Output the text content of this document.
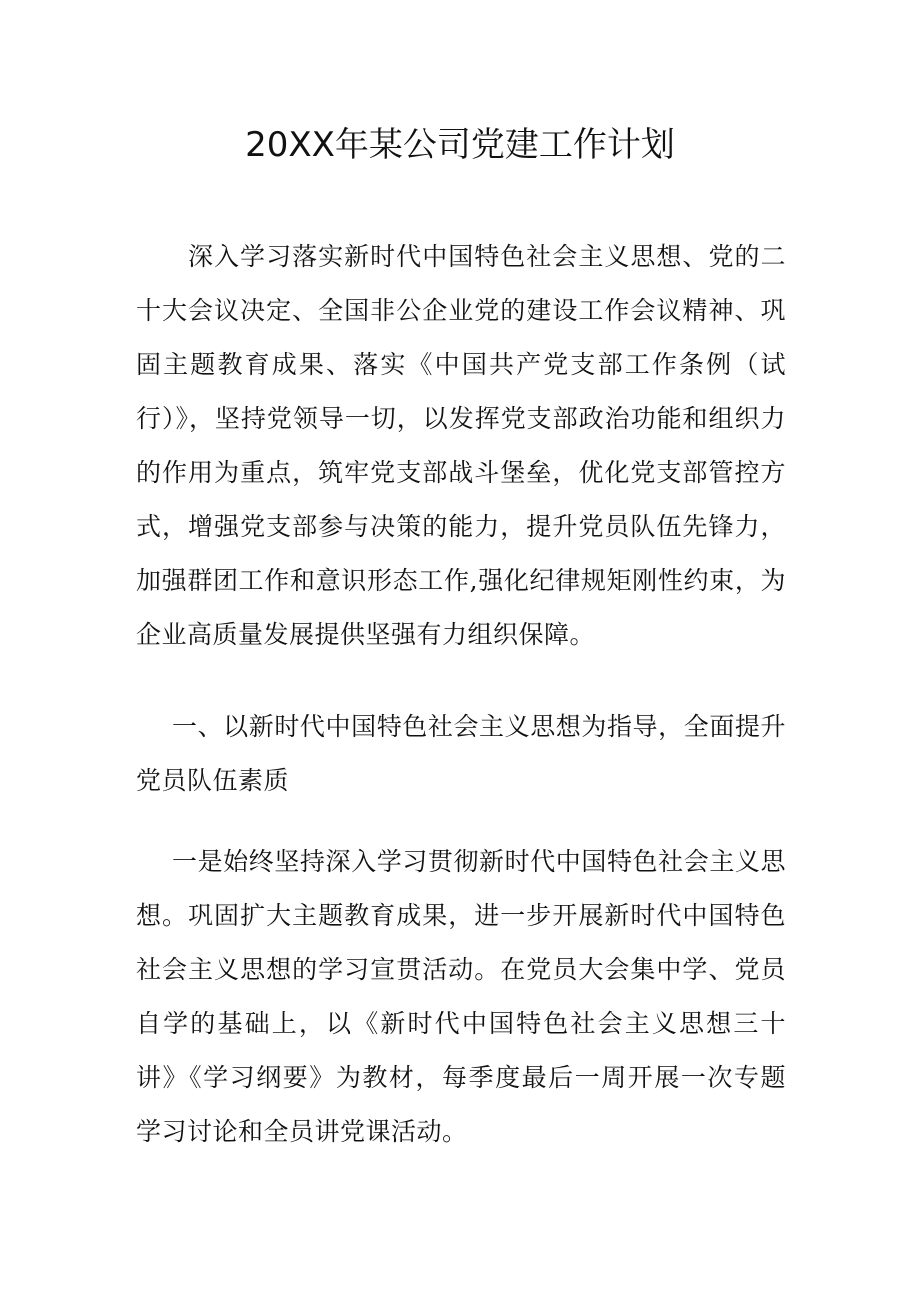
20XX年某公司党建工作计划

深入学习落实新时代中国特色社会主义思想、党的二十大会议决定、全国非公企业党的建设工作会议精神、巩固主题教育成果、落实《中国共产党支部工作条例（试行）》，坚持党领导一切，以发挥党支部政治功能和组织力的作用为重点，筑牢党支部战斗堡垒，优化党支部管控方式，增强党支部参与决策的能力，提升党员队伍先锋力，加强群团工作和意识形态工作,强化纪律规矩刚性约束，为企业高质量发展提供坚强有力组织保障。

一、以新时代中国特色社会主义思想为指导，全面提升党员队伍素质

一是始终坚持深入学习贯彻新时代中国特色社会主义思想。巩固扩大主题教育成果，进一步开展新时代中国特色社会主义思想的学习宣贯活动。在党员大会集中学、党员自学的基础上，以《新时代中国特色社会主义思想三十讲》《学习纲要》为教材，每季度最后一周开展一次专题学习讨论和全员讲党课活动。
